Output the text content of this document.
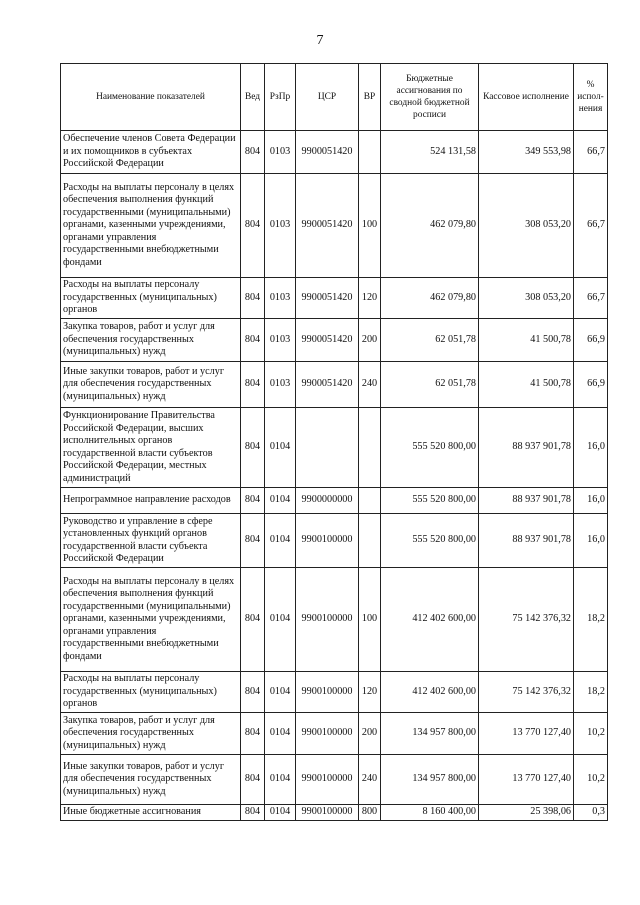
7
Наименование показателей	Вед	РзПр	ЦСР	ВР	Бюджетные ассигнования по сводной бюджетной росписи	Кассовое исполнение	% испол-нения
Обеспечение членов Совета Федерации и их помощников в субъектах Российской Федерации	804	0103	9900051420		524 131,58	349 553,98	66,7
Расходы на выплаты персоналу в целях обеспечения выполнения функций государственными (муниципальными) органами, казенными учреждениями, органами управления государственными внебюджетными фондами	804	0103	9900051420	100	462 079,80	308 053,20	66,7
Расходы на выплаты персоналу государственных (муниципальных) органов	804	0103	9900051420	120	462 079,80	308 053,20	66,7
Закупка товаров, работ и услуг для обеспечения государственных (муниципальных) нужд	804	0103	9900051420	200	62 051,78	41 500,78	66,9
Иные закупки товаров, работ и услуг для обеспечения государственных (муниципальных) нужд	804	0103	9900051420	240	62 051,78	41 500,78	66,9
Функционирование Правительства Российской Федерации, высших исполнительных органов государственной власти субъектов Российской Федерации, местных администраций	804	0104			555 520 800,00	88 937 901,78	16,0
Непрограммное направление расходов	804	0104	9900000000		555 520 800,00	88 937 901,78	16,0
Руководство и управление в сфере установленных функций органов государственной власти субъекта Российской Федерации	804	0104	9900100000		555 520 800,00	88 937 901,78	16,0
Расходы на выплаты персоналу в целях обеспечения выполнения функций государственными (муниципальными) органами, казенными учреждениями, органами управления государственными внебюджетными фондами	804	0104	9900100000	100	412 402 600,00	75 142 376,32	18,2
Расходы на выплаты персоналу государственных (муниципальных) органов	804	0104	9900100000	120	412 402 600,00	75 142 376,32	18,2
Закупка товаров, работ и услуг для обеспечения государственных (муниципальных) нужд	804	0104	9900100000	200	134 957 800,00	13 770 127,40	10,2
Иные закупки товаров, работ и услуг для обеспечения государственных (муниципальных) нужд	804	0104	9900100000	240	134 957 800,00	13 770 127,40	10,2
Иные бюджетные ассигнования	804	0104	9900100000	800	8 160 400,00	25 398,06	0,3
